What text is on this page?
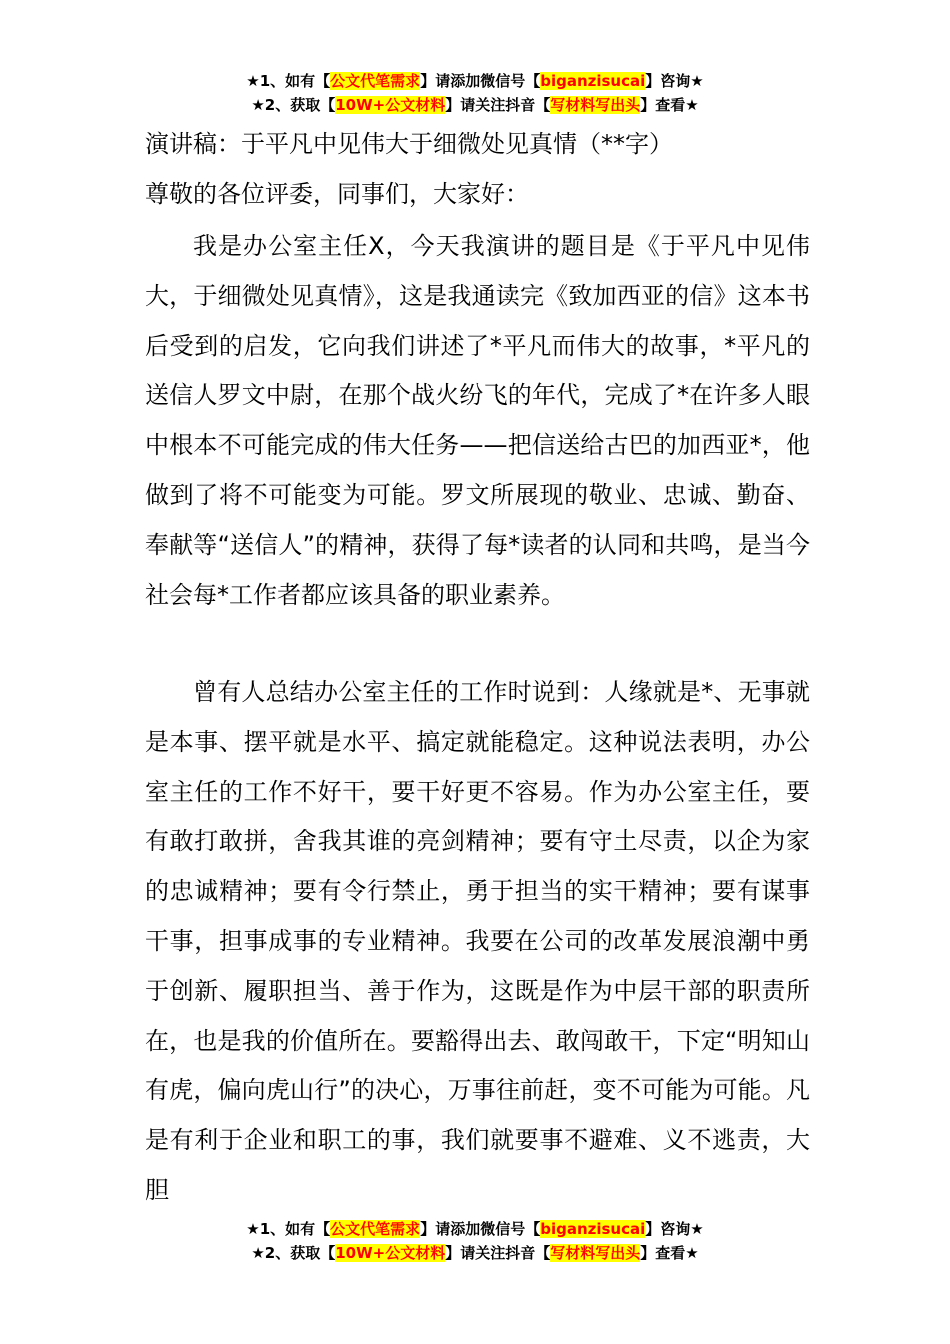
★1、如有【公文代笔需求】请添加微信号【biganzisucai】咨询★
★2、获取【10W+公文材料】请关注抖音【写材料写出头】查看★
演讲稿：于平凡中见伟大于细微处见真情（**字）
尊敬的各位评委，同事们，大家好：

我是办公室主任X，今天我演讲的题目是《于平凡中见伟大，于细微处见真情》，这是我通读完《致加西亚的信》这本书后受到的启发，它向我们讲述了*平凡而伟大的故事，*平凡的送信人罗文中尉，在那个战火纷飞的年代，完成了*在许多人眼中根本不可能完成的伟大任务——把信送给古巴的加西亚*，他做到了将不可能变为可能。罗文所展现的敬业、忠诚、勤奋、奉献等“送信人”的精神，获得了每*读者的认同和共鸣，是当今社会每*工作者都应该具备的职业素养。

曾有人总结办公室主任的工作时说到：人缘就是*、无事就是本事、摆平就是水平、搞定就能稳定。这种说法表明，办公室主任的工作不好干，要干好更不容易。作为办公室主任，要有敢打敢拼，舍我其谁的亮剑精神；要有守土尽责，以企为家的忠诚精神；要有令行禁止，勇于担当的实干精神；要有谋事干事，担事成事的专业精神。我要在公司的改革发展浪潮中勇于创新、履职担当、善于作为，这既是作为中层干部的职责所在，也是我的价值所在。要豁得出去、敢闯敢干，下定“明知山有虎，偏向虎山行”的决心，万事往前赶，变不可能为可能。凡是有利于企业和职工的事，我们就要事不避难、义不逃责，大胆

★1、如有【公文代笔需求】请添加微信号【biganzisucai】咨询★
★2、获取【10W+公文材料】请关注抖音【写材料写出头】查看★
